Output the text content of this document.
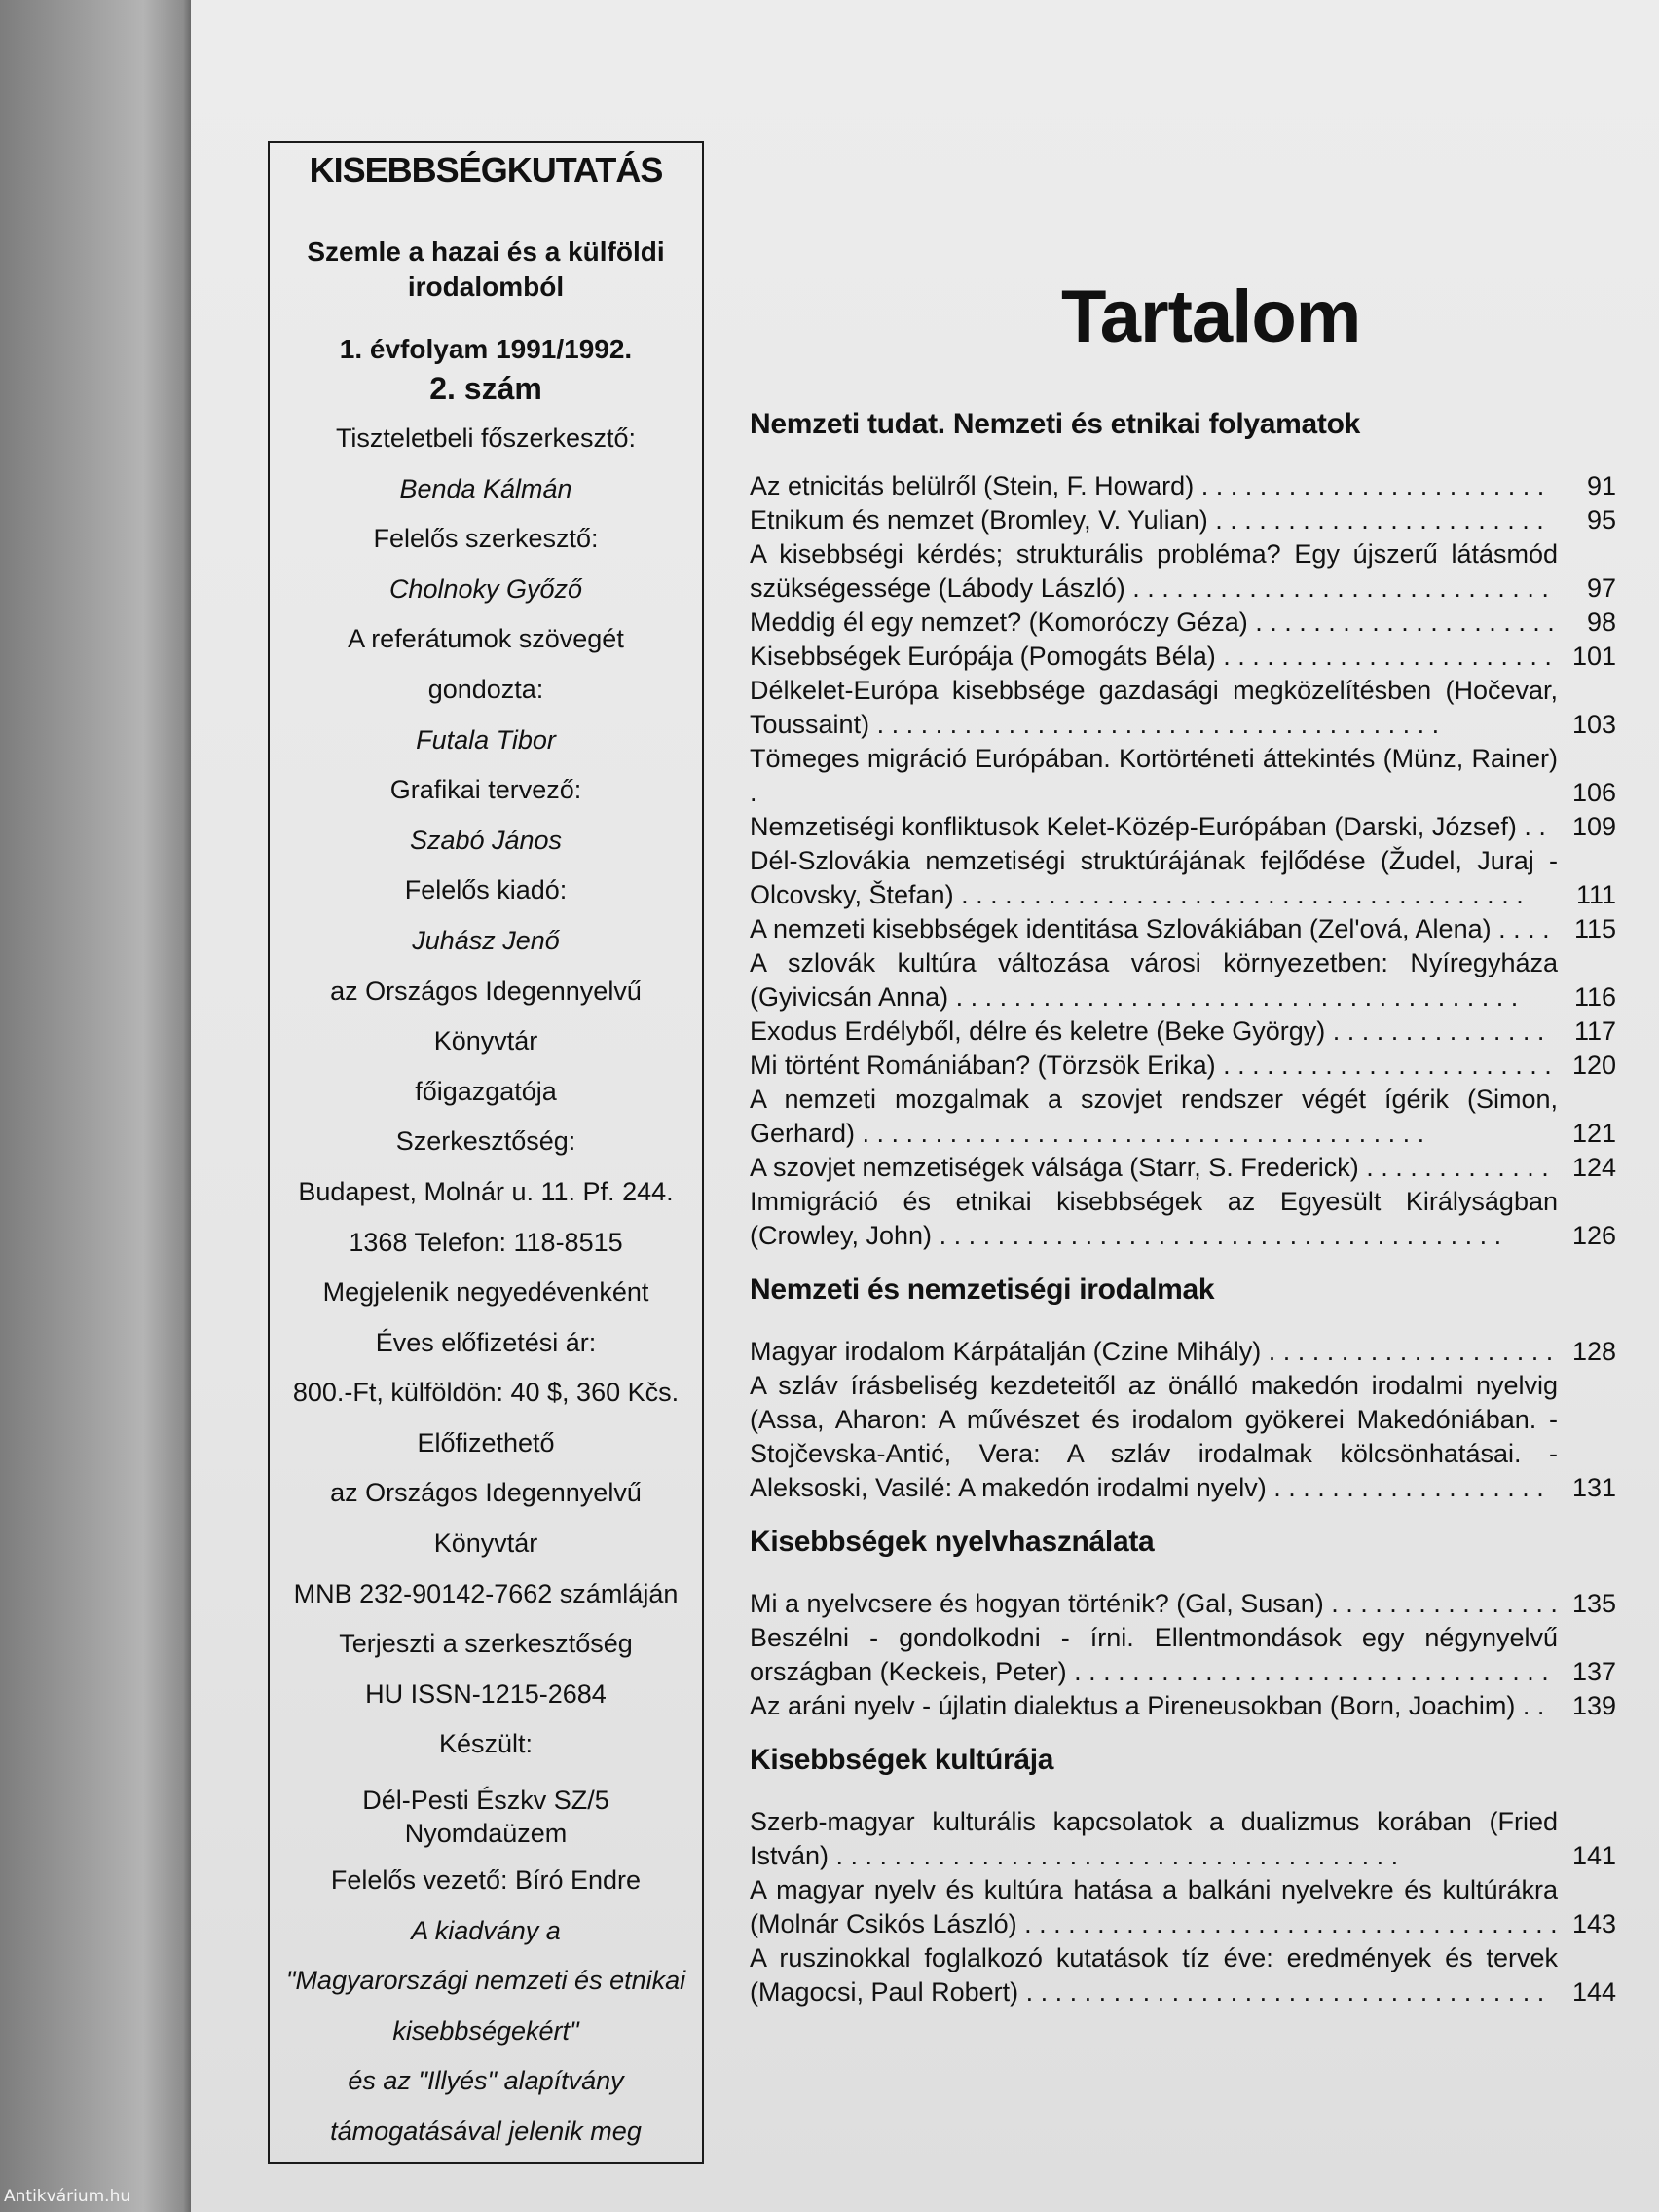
Antikvárium.hu
KISEBBSÉGKUTATÁS
Szemle a hazai és a külföldi
irodalomból
1. évfolyam 1991/1992.
2. szám
Tiszteletbeli főszerkesztő:
Benda Kálmán
Felelős szerkesztő:
Cholnoky Győző
A referátumok szövegét
gondozta:
Futala Tibor
Grafikai tervező:
Szabó János
Felelős kiadó:
Juhász Jenő
az Országos Idegennyelvű
Könyvtár
főigazgatója
Szerkesztőség:
Budapest, Molnár u. 11. Pf. 244.
1368 Telefon: 118-8515
Megjelenik negyedévenként
Éves előfizetési ár:
800.-Ft, külföldön: 40 $, 360 Kčs.
Előfizethető
az Országos Idegennyelvű
Könyvtár
MNB 232-90142-7662 számláján
Terjeszti a szerkesztőség
HU ISSN-1215-2684
Készült:
Dél-Pesti Észkv SZ/5
Nyomdaüzem
Felelős vezető: Bíró Endre
A kiadvány a
"Magyarországi nemzeti és etnikai
kisebbségekért"
és az "Illyés" alapítvány
támogatásával jelenik meg
Tartalom
Nemzeti tudat. Nemzeti és etnikai folyamatok
Az etnicitás belülről (Stein, F. Howard) . . . . . . . . . . . . . . . . . . . . . . . .	91
Etnikum és nemzet (Bromley, V. Yulian) . . . . . . . . . . . . . . . . . . . . . . .	95
A kisebbségi kérdés; strukturális probléma? Egy újszerű látásmód szükségessége (Lábody László) . . . . . . . . . . . . . . . . . . . . . . . . . . . . .	97
Meddig él egy nemzet? (Komoróczy Géza) . . . . . . . . . . . . . . . . . . . . .	98
Kisebbségek Európája (Pomogáts Béla) . . . . . . . . . . . . . . . . . . . . . . . 101
Délkelet-Európa kisebbsége gazdasági megközelítésben (Hočevar, Toussaint) . . . . . . . . . . . . . . . . . . . . . . . . . . . . . . . . . . . . . . .	103
Tömeges migráció Európában. Kortörténeti áttekintés (Münz, Rainer) .	106
Nemzetiségi konfliktusok Kelet-Közép-Európában (Darski, József) . .	109
Dél-Szlovákia nemzetiségi struktúrájának fejlődése (Žudel, Juraj - Olcovsky, Štefan) . . . . . . . . . . . . . . . . . . . . . . . . . . . . . . . . . . . . . . .	111
A nemzeti kisebbségek identitása Szlovákiában (Zel'ová, Alena) . . . . 115
A szlovák kultúra változása városi környezetben: Nyíregyháza (Gyivicsán Anna) . . . . . . . . . . . . . . . . . . . . . . . . . . . . . . . . . . . . . . .	116
Exodus Erdélyből, délre és keletre (Beke György) . . . . . . . . . . . . . . .	117
Mi történt Romániában? (Törzsök Erika) . . . . . . . . . . . . . . . . . . . . . . . 120
A nemzeti mozgalmak a szovjet rendszer végét ígérik (Simon, Gerhard) . . . . . . . . . . . . . . . . . . . . . . . . . . . . . . . . . . . . . . .	121
A szovjet nemzetiségek válsága (Starr, S. Frederick) . . . . . . . . . . . . . 124
Immigráció és etnikai kisebbségek az Egyesült Királyságban (Crowley, John) . . . . . . . . . . . . . . . . . . . . . . . . . . . . . . . . . . . . . . .	126
Nemzeti és nemzetiségi irodalmak
Magyar irodalom Kárpátalján (Czine Mihály) . . . . . . . . . . . . . . . . . . . . 128
A szláv írásbeliség kezdeteitől az önálló makedón irodalmi nyelvig (Assa, Aharon: A művészet és irodalom gyökerei Makedóniában. - Stojčevska-Antić, Vera: A szláv irodalmak kölcsönhatásai. - Aleksoski, Vasilé: A makedón irodalmi nyelv) . . . . . . . . . . . . . . . . . . .	131
Kisebbségek nyelvhasználata
Mi a nyelvcsere és hogyan történik? (Gal, Susan) . . . . . . . . . . . . . . . . 135
Beszélni - gondolkodni - írni. Ellentmondások egy négynyelvű országban (Keckeis, Peter) . . . . . . . . . . . . . . . . . . . . . . . . . . . . . . . . . 137
Az aráni nyelv - újlatin dialektus a Pireneusokban (Born, Joachim) . .	139
Kisebbségek kultúrája
Szerb-magyar kulturális kapcsolatok a dualizmus korában (Fried István) . . . . . . . . . . . . . . . . . . . . . . . . . . . . . . . . . . . . . . .	141
A magyar nyelv és kultúra hatása a balkáni nyelvekre és kultúrákra (Molnár Csikós László) . . . . . . . . . . . . . . . . . . . . . . . . . . . . . . . . . . . . . 143
A ruszinokkal foglalkozó kutatások tíz éve: eredmények és tervek (Magocsi, Paul Robert) . . . . . . . . . . . . . . . . . . . . . . . . . . . . . . . . . . . .	144
